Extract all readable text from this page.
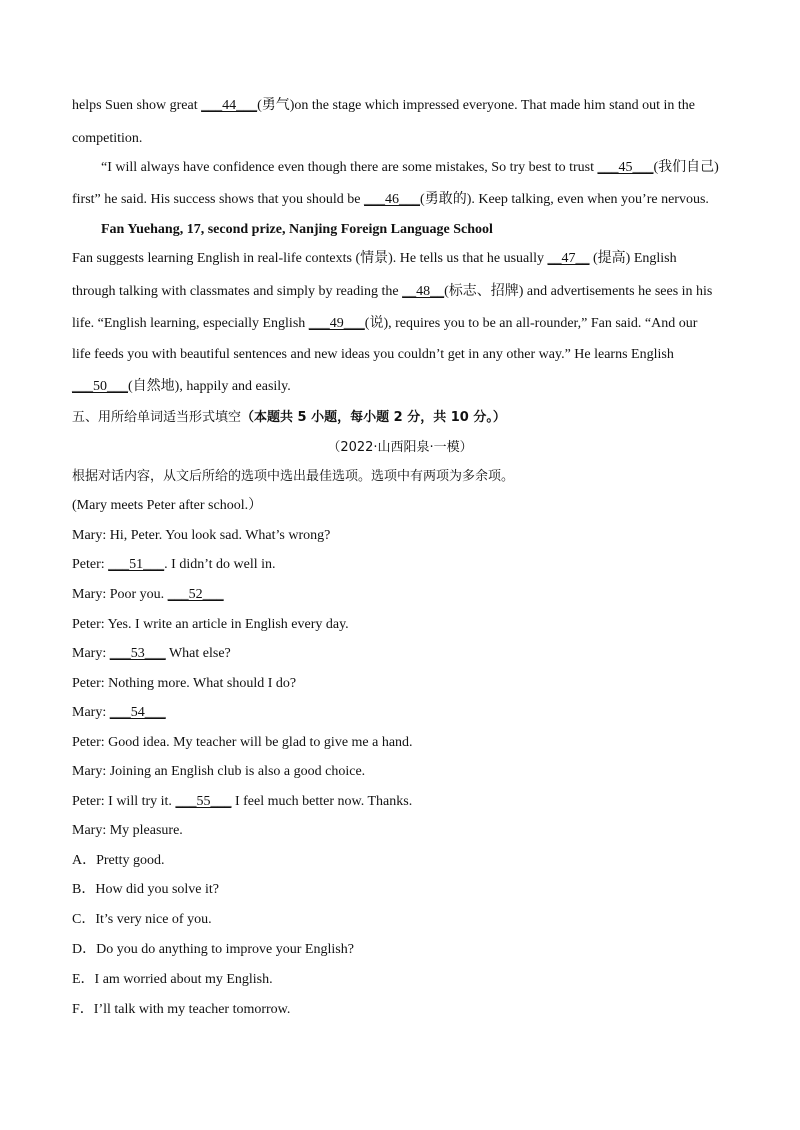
helps Suen show great ___44___(勇气)on the stage which impressed everyone. That made him stand out in the
competition.
“I will always have confidence even though there are some mistakes, So try best to trust ___45___(我们自己)
first” he said. His success shows that you should be ___46___(勇敢的). Keep talking, even when you’re nervous.
Fan Yuehang, 17, second prize, Nanjing Foreign Language School
Fan suggests learning English in real-life contexts (情景). He tells us that he usually __47__ (提高) English
through talking with classmates and simply by reading the __48__(标志、招牌) and advertisements he sees in his
life. “English learning, especially English ___49___(说), requires you to be an all-rounder,” Fan said. “And our
life feeds you with beautiful sentences and new ideas you couldn’t get in any other way.” He learns English
___50___(自然地), happily and easily.
五、用所给单词适当形式填空（本题共 5 小题，每小题 2 分，共 10 分。）
（2022·山西阳泉·一模）
根据对话内容，从文后所给的选项中选出最佳选项。选项中有两项为多余项。
(Mary meets Peter after school.）
Mary: Hi, Peter. You look sad. What’s wrong?
Peter: ___51___. I didn’t do well in.
Mary: Poor you. ___52___
Peter: Yes. I write an article in English every day.
Mary: ___53___ What else?
Peter: Nothing more. What should I do?
Mary: ___54___
Peter: Good idea. My teacher will be glad to give me a hand.
Mary: Joining an English club is also a good choice.
Peter: I will try it. ___55___ I feel much better now. Thanks.
Mary: My pleasure.
A．Pretty good.
B．How did you solve it?
C．It’s very nice of you.
D．Do you do anything to improve your English?
E．I am worried about my English.
F．I’ll talk with my teacher tomorrow.
